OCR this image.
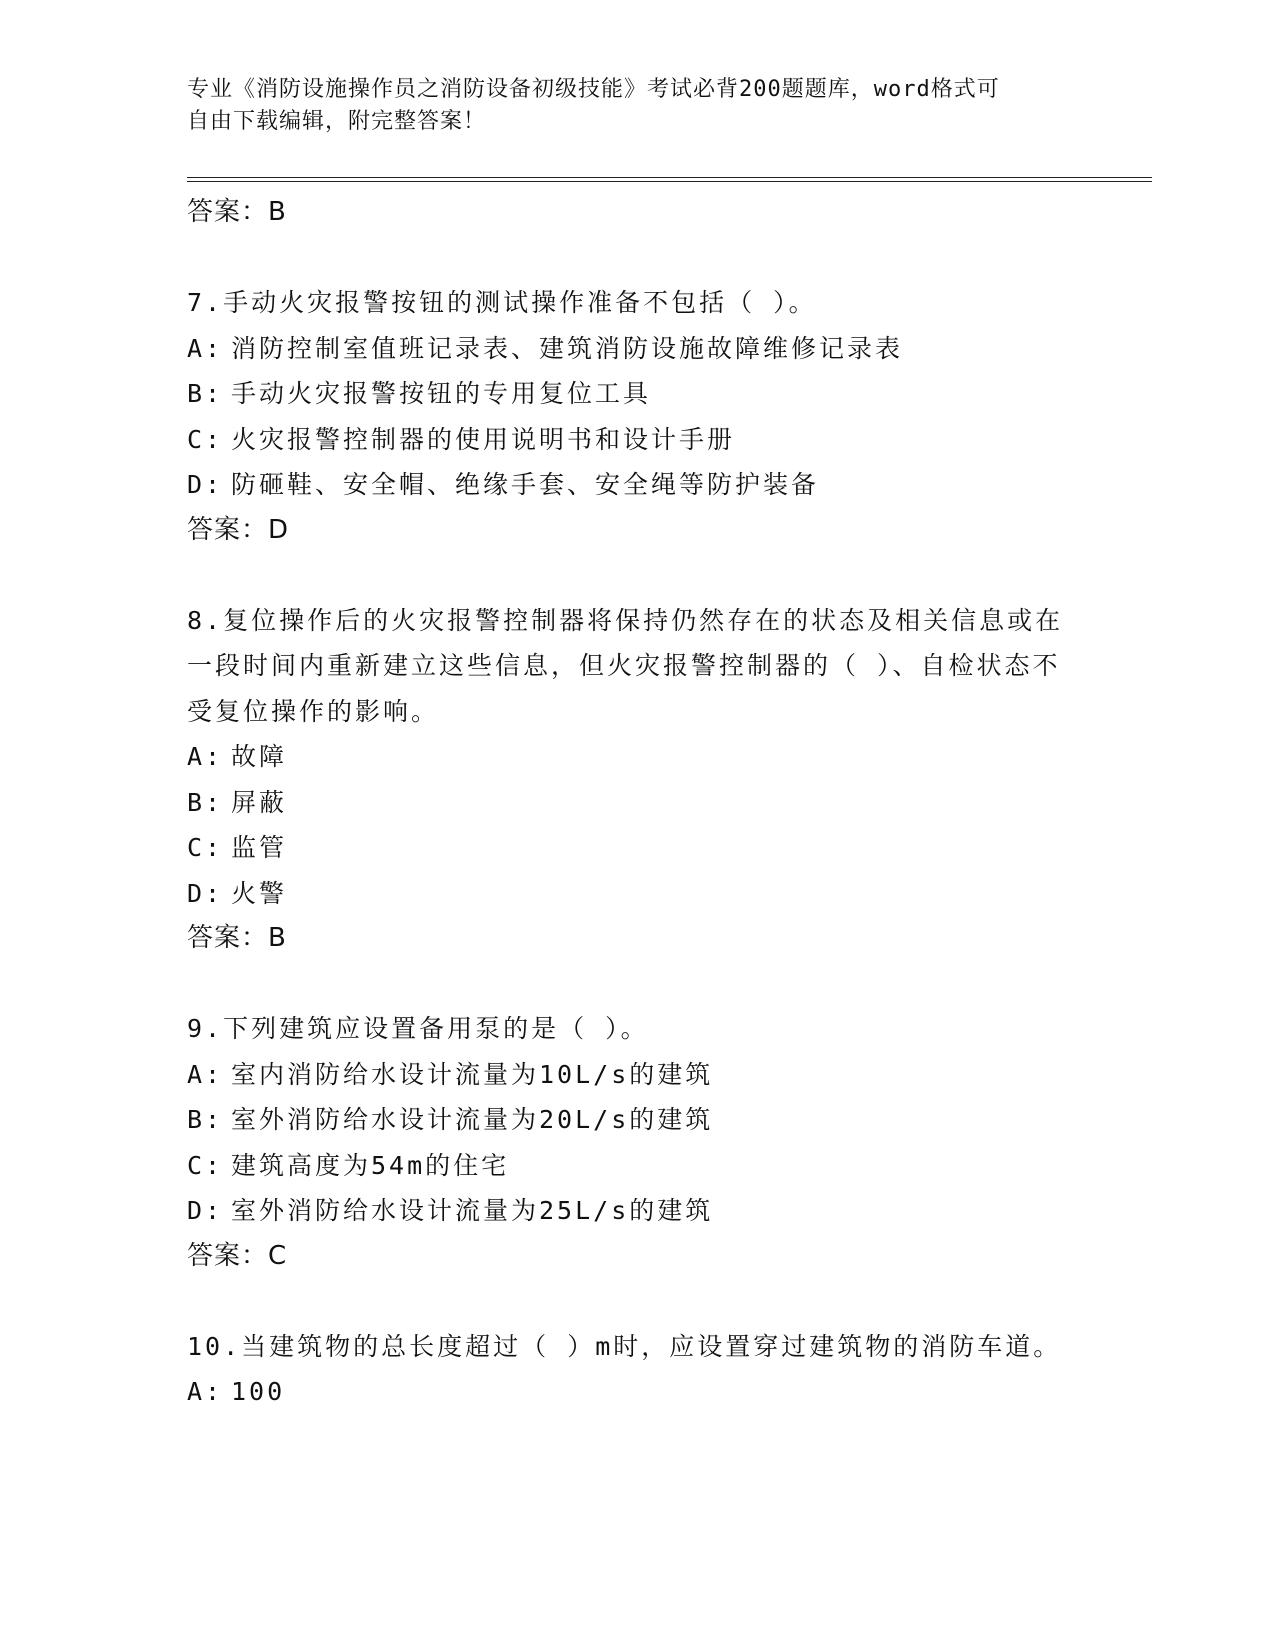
专业《消防设施操作员之消防设备初级技能》考试必背200题题库，word格式可
自由下载编辑，附完整答案！
答案：B
7.手动火灾报警按钮的测试操作准备不包括（ ）。
A: 消防控制室值班记录表、建筑消防设施故障维修记录表
B: 手动火灾报警按钮的专用复位工具
C: 火灾报警控制器的使用说明书和设计手册
D: 防砸鞋、安全帽、绝缘手套、安全绳等防护装备
答案：D
8.复位操作后的火灾报警控制器将保持仍然存在的状态及相关信息或在一段时间内重新建立这些信息，但火灾报警控制器的（ ）、自检状态不受复位操作的影响。
A: 故障
B: 屏蔽
C: 监管
D: 火警
答案：B
9.下列建筑应设置备用泵的是（ ）。
A: 室内消防给水设计流量为10L/s的建筑
B: 室外消防给水设计流量为20L/s的建筑
C: 建筑高度为54m的住宅
D: 室外消防给水设计流量为25L/s的建筑
答案：C
10.当建筑物的总长度超过（ ）m时，应设置穿过建筑物的消防车道。
A: 100
